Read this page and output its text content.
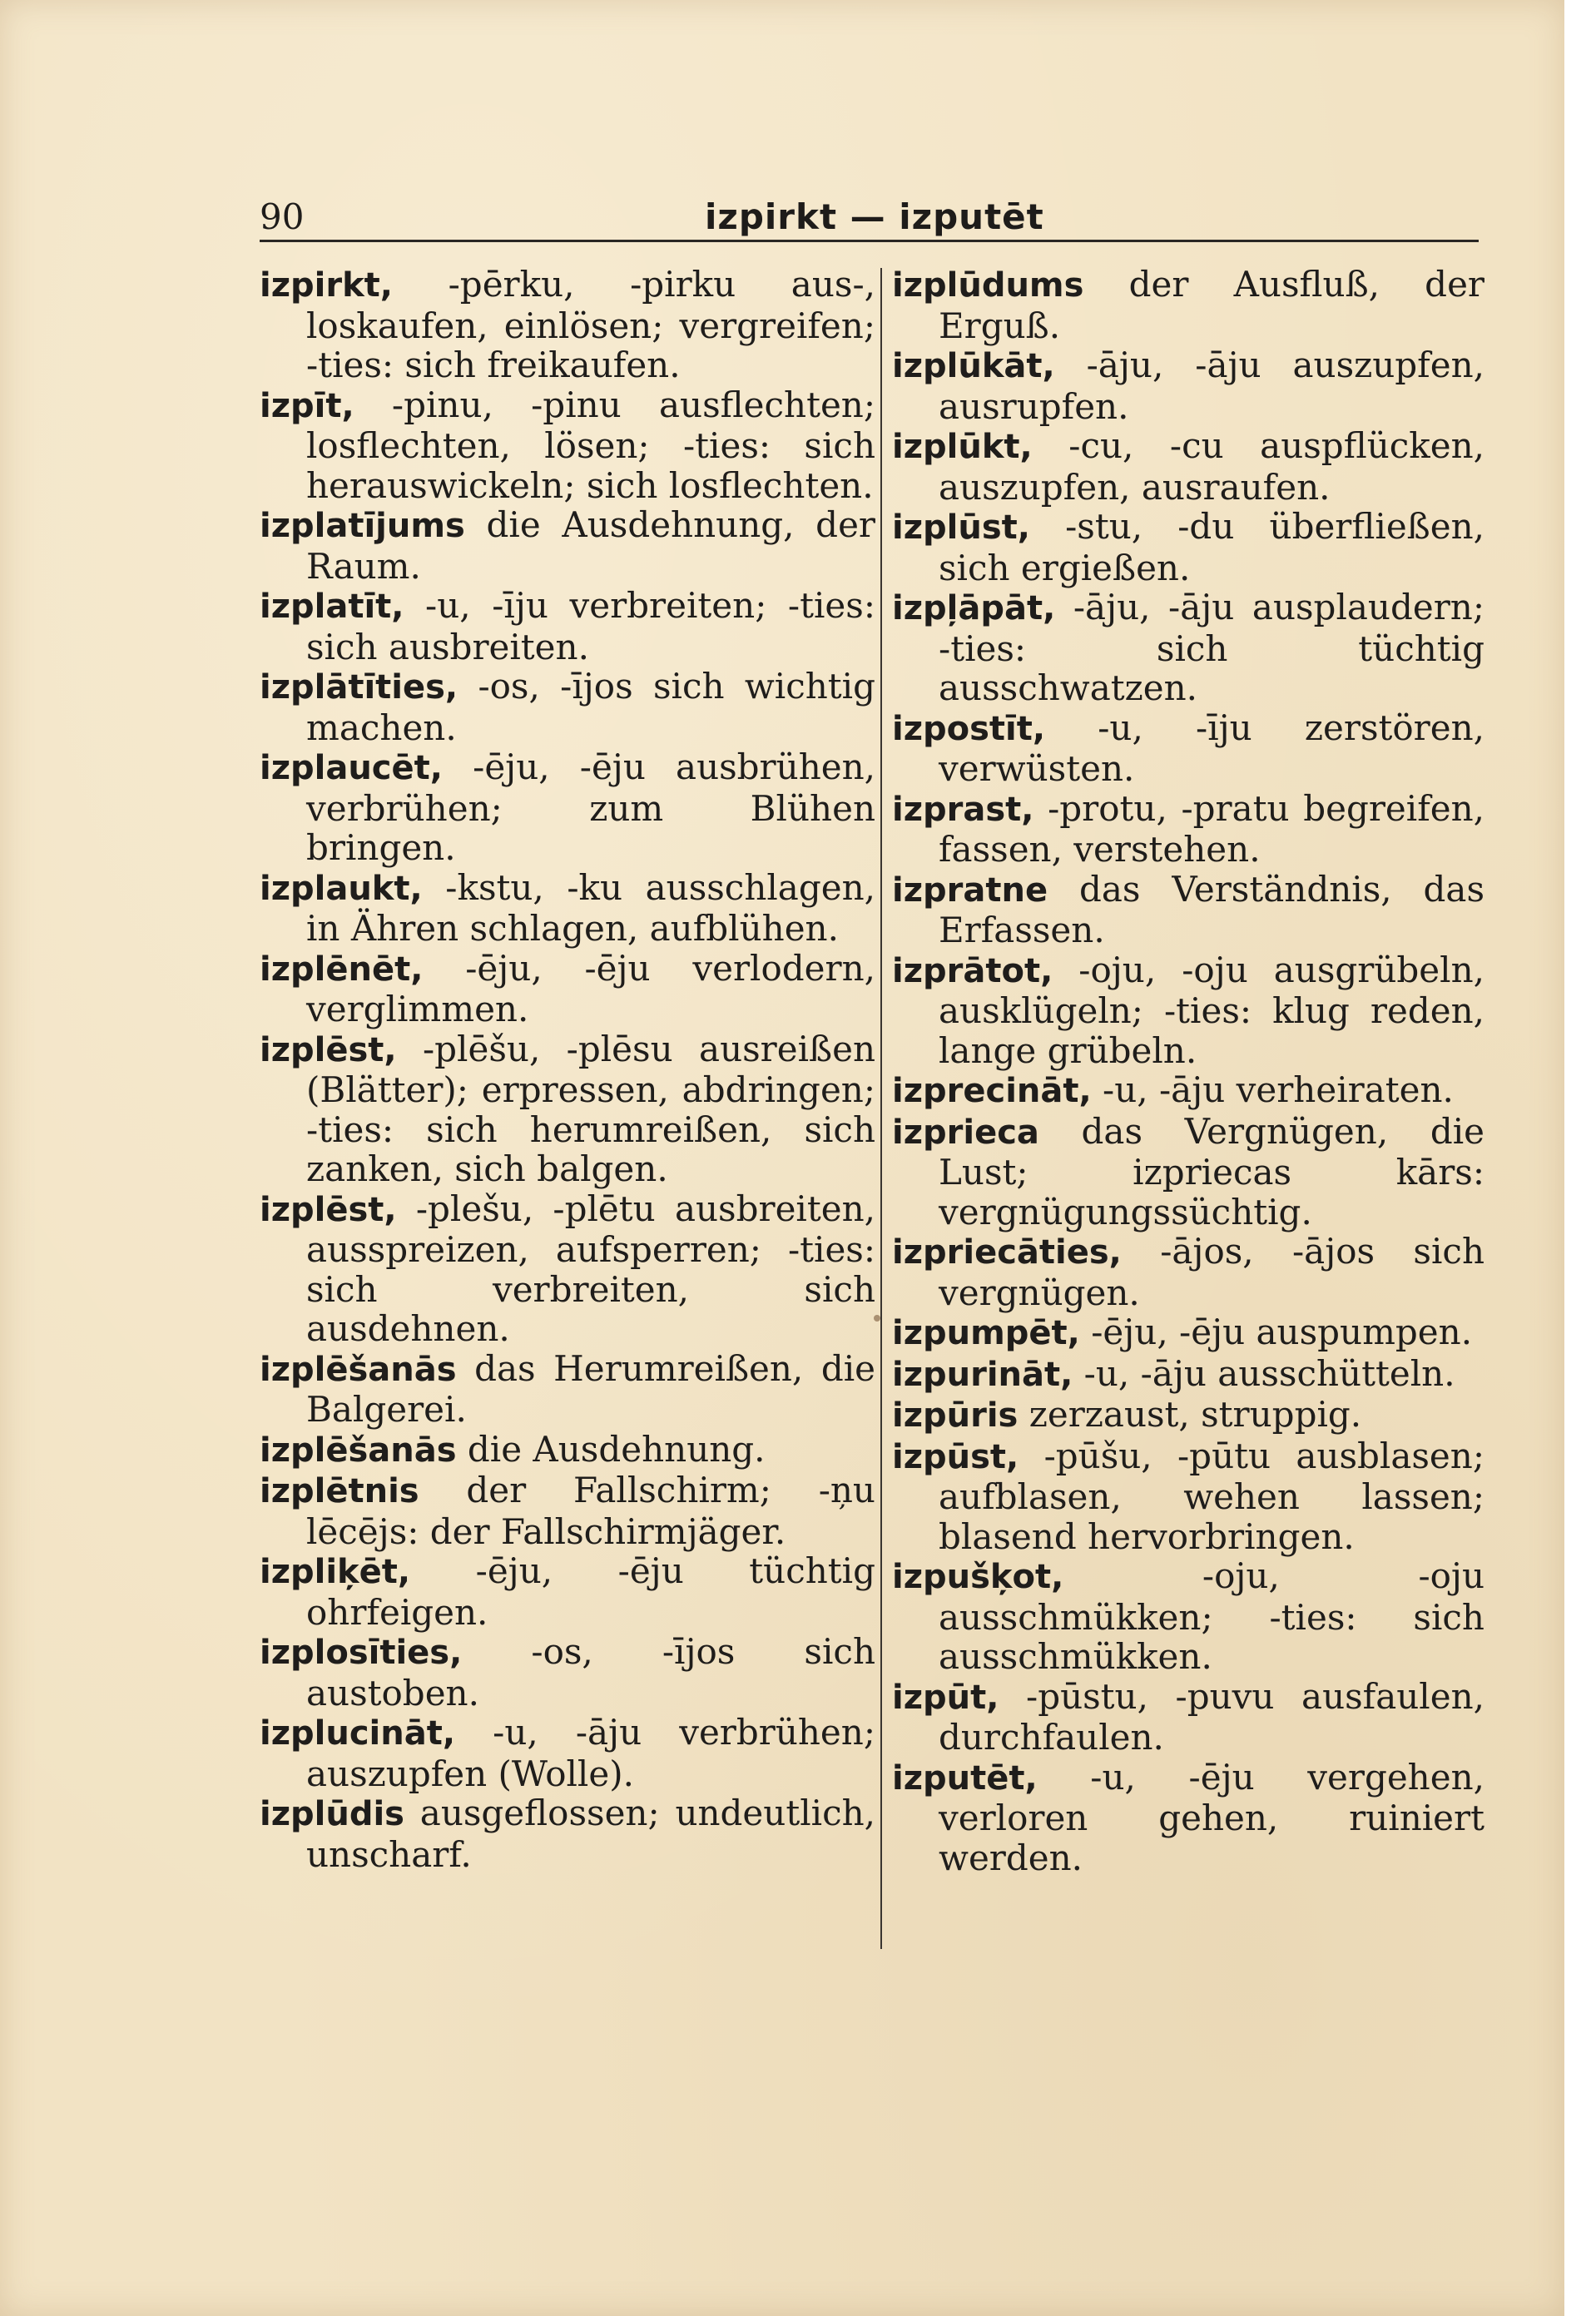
90	izpirkt — izputēt

izpirkt, -pērku, -pirku aus-, loskaufen, einlösen; vergreifen; -ties: sich freikaufen.

izpīt, -pinu, -pinu ausflechten; losflechten, lösen; -ties: sich herauswickeln; sich losflechten.

izplatījums die Ausdehnung, der Raum.

izplatīt, -u, -īju verbreiten; -ties: sich ausbreiten.

izplātīties, -os, -ījos sich wichtig machen.

izplaucēt, -ēju, -ēju ausbrühen, verbrühen; zum Blühen bringen.

izplaukt, -kstu, -ku ausschlagen, in Ähren schlagen, aufblühen.

izplēnēt, -ēju, -ēju verlodern, verglimmen.

izplēst, -plēšu, -plēsu ausreißen (Blätter); erpressen, abdringen; -ties: sich herumreißen, sich zanken, sich balgen.

izplēst, -plešu, -plētu ausbreiten, ausspreizen, aufsperren; -ties: sich verbreiten, sich ausdehnen.

izplēšanās das Herumreißen, die Balgerei.

izplēšanās die Ausdehnung.

izplētnis der Fallschirm; -ņu lēcējs: der Fallschirmjäger.

izpliķēt, -ēju, -ēju tüchtig ohrfeigen.

izplosīties, -os, -ījos sich austoben.

izplucināt, -u, -āju verbrühen; auszupfen (Wolle).

izplūdis ausgeflossen; undeutlich, unscharf.

izplūdums der Ausfluß, der Erguß.

izplūkāt, -āju, -āju auszupfen, ausrupfen.

izplūkt, -cu, -cu auspflücken, auszupfen, ausraufen.

izplūst, -stu, -du überfließen, sich ergießen.

izpļāpāt, -āju, -āju ausplaudern; -ties: sich tüchtig ausschwatzen.

izpostīt, -u, -īju zerstören, verwüsten.

izprast, -protu, -pratu begreifen, fassen, verstehen.

izpratne das Verständnis, das Erfassen.

izprātot, -oju, -oju ausgrübeln, ausklügeln; -ties: klug reden, lange grübeln.

izprecināt, -u, -āju verheiraten.

izprieca das Vergnügen, die Lust; izpriecas kārs: vergnügungssüchtig.

izpriecāties, -ājos, -ājos sich vergnügen.

izpumpēt, -ēju, -ēju auspumpen.

izpurināt, -u, -āju ausschütteln.

izpūris zerzaust, struppig.

izpūst, -pūšu, -pūtu ausblasen; aufblasen, wehen lassen; blasend hervorbringen.

izpušķot, -oju, -oju ausschmükken; -ties: sich ausschmükken.

izpūt, -pūstu, -puvu ausfaulen, durchfaulen.

izputēt, -u, -ēju vergehen, verloren gehen, ruiniert werden.
